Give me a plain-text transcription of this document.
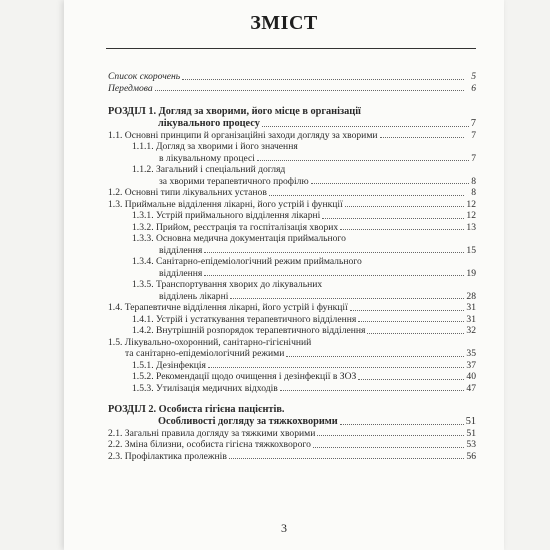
ЗМІСТ
Список скорочень	5
Передмова	6
РОЗДІЛ 1. Догляд за хворими, його місце в організації
лікувального процесу	7
1.1. Основні принципи й організаційні заходи догляду за хворими	7
1.1.1. Догляд за хворими і його значення
в лікувальному процесі	7
1.1.2. Загальний і спеціальний догляд
за хворими терапевтичного профілю	8
1.2. Основні типи лікувальних установ	8
1.3. Приймальне відділення лікарні, його устрій і функції	12
1.3.1. Устрій приймального відділення лікарні	12
1.3.2. Прийом, реєстрація та госпіталізація хворих	13
1.3.3. Основна медична документація приймального
відділення	15
1.3.4. Санітарно-епідеміологічний режим приймального
відділення	19
1.3.5. Транспортування хворих до лікувальних
відділень лікарні	28
1.4. Терапевтичне відділення лікарні, його устрій і функції	31
1.4.1. Устрій і устаткування терапевтичного відділення	31
1.4.2. Внутрішній розпорядок терапевтичного відділення	32
1.5. Лікувально-охоронний, санітарно-гігієнічний
та санітарно-епідеміологічний режими	35
1.5.1. Дезінфекція	37
1.5.2. Рекомендації щодо очищення і дезінфекції в ЗОЗ	40
1.5.3. Утилізація медичних відходів	47
РОЗДІЛ 2. Особиста гігієна пацієнтів.
Особливості догляду за тяжкохворими	51
2.1. Загальні правила догляду за тяжкими хворими	51
2.2. Зміна білизни, особиста гігієна тяжкохворого	53
2.3. Профілактика пролежнів	56
3
